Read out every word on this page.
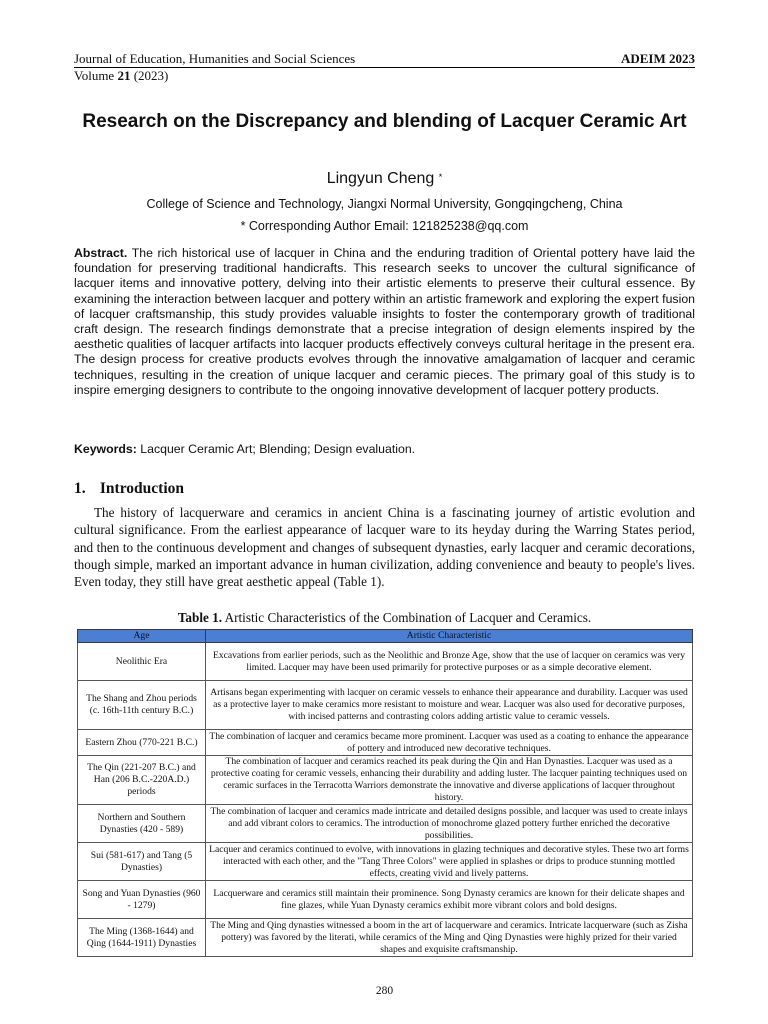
Journal of Education, Humanities and Social Sciences	ADEIM 2023
Volume 21 (2023)
Research on the Discrepancy and blending of Lacquer Ceramic Art
Lingyun Cheng *
College of Science and Technology, Jiangxi Normal University, Gongqingcheng, China
* Corresponding Author Email: 121825238@qq.com
Abstract. The rich historical use of lacquer in China and the enduring tradition of Oriental pottery have laid the foundation for preserving traditional handicrafts. This research seeks to uncover the cultural significance of lacquer items and innovative pottery, delving into their artistic elements to preserve their cultural essence. By examining the interaction between lacquer and pottery within an artistic framework and exploring the expert fusion of lacquer craftsmanship, this study provides valuable insights to foster the contemporary growth of traditional craft design. The research findings demonstrate that a precise integration of design elements inspired by the aesthetic qualities of lacquer artifacts into lacquer products effectively conveys cultural heritage in the present era. The design process for creative products evolves through the innovative amalgamation of lacquer and ceramic techniques, resulting in the creation of unique lacquer and ceramic pieces. The primary goal of this study is to inspire emerging designers to contribute to the ongoing innovative development of lacquer pottery products.
Keywords: Lacquer Ceramic Art; Blending; Design evaluation.
1. Introduction
The history of lacquerware and ceramics in ancient China is a fascinating journey of artistic evolution and cultural significance. From the earliest appearance of lacquer ware to its heyday during the Warring States period, and then to the continuous development and changes of subsequent dynasties, early lacquer and ceramic decorations, though simple, marked an important advance in human civilization, adding convenience and beauty to people's lives. Even today, they still have great aesthetic appeal (Table 1).
Table 1. Artistic Characteristics of the Combination of Lacquer and Ceramics.
Age	Artistic Characteristic
Neolithic Era	Excavations from earlier periods, such as the Neolithic and Bronze Age, show that the use of lacquer on ceramics was very limited. Lacquer may have been used primarily for protective purposes or as a simple decorative element.
The Shang and Zhou periods (c. 16th-11th century B.C.)	Artisans began experimenting with lacquer on ceramic vessels to enhance their appearance and durability. Lacquer was used as a protective layer to make ceramics more resistant to moisture and wear. Lacquer was also used for decorative purposes, with incised patterns and contrasting colors adding artistic value to ceramic vessels.
Eastern Zhou (770-221 B.C.)	The combination of lacquer and ceramics became more prominent. Lacquer was used as a coating to enhance the appearance of pottery and introduced new decorative techniques.
The Qin (221-207 B.C.) and Han (206 B.C.-220A.D.) periods	The combination of lacquer and ceramics reached its peak during the Qin and Han Dynasties. Lacquer was used as a protective coating for ceramic vessels, enhancing their durability and adding luster. The lacquer painting techniques used on ceramic surfaces in the Terracotta Warriors demonstrate the innovative and diverse applications of lacquer throughout history.
Northern and Southern Dynasties (420 - 589)	The combination of lacquer and ceramics made intricate and detailed designs possible, and lacquer was used to create inlays and add vibrant colors to ceramics. The introduction of monochrome glazed pottery further enriched the decorative possibilities.
Sui (581-617) and Tang (5 Dynasties)	Lacquer and ceramics continued to evolve, with innovations in glazing techniques and decorative styles. These two art forms interacted with each other, and the "Tang Three Colors" were applied in splashes or drips to produce stunning mottled effects, creating vivid and lively patterns.
Song and Yuan Dynasties (960 - 1279)	Lacquerware and ceramics still maintain their prominence. Song Dynasty ceramics are known for their delicate shapes and fine glazes, while Yuan Dynasty ceramics exhibit more vibrant colors and bold designs.
The Ming (1368-1644) and Qing (1644-1911) Dynasties	The Ming and Qing dynasties witnessed a boom in the art of lacquerware and ceramics. Intricate lacquerware (such as Zisha pottery) was favored by the literati, while ceramics of the Ming and Qing Dynasties were highly prized for their varied shapes and exquisite craftsmanship.
280
